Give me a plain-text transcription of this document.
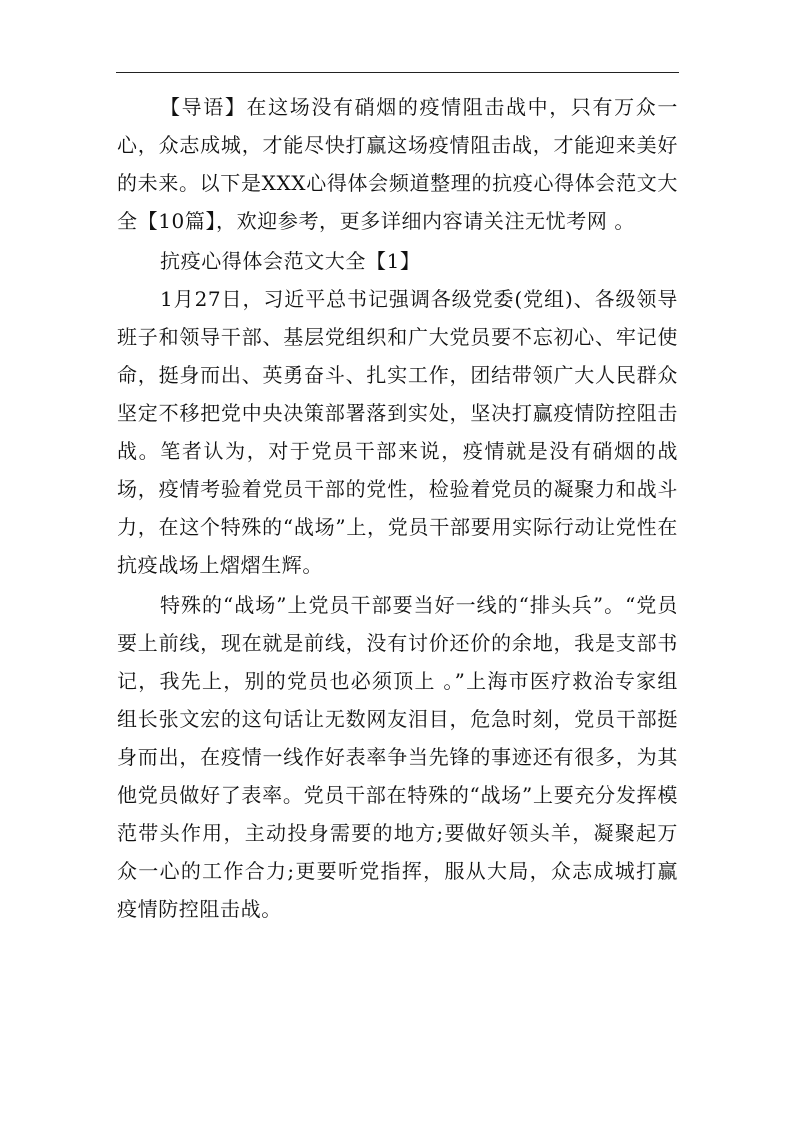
【导语】在这场没有硝烟的疫情阻击战中，只有万众一心，众志成城，才能尽快打赢这场疫情阻击战，才能迎来美好的未来。以下是XXX心得体会频道整理的抗疫心得体会范文大全【10篇】，欢迎参考，更多详细内容请关注无忧考网 。

抗疫心得体会范文大全【1】

1月27日，习近平总书记强调各级党委(党组)、各级领导班子和领导干部、基层党组织和广大党员要不忘初心、牢记使命，挺身而出、英勇奋斗、扎实工作，团结带领广大人民群众坚定不移把党中央决策部署落到实处，坚决打赢疫情防控阻击战。笔者认为，对于党员干部来说，疫情就是没有硝烟的战场，疫情考验着党员干部的党性，检验着党员的凝聚力和战斗力，在这个特殊的“战场”上，党员干部要用实际行动让党性在抗疫战场上熠熠生辉。

特殊的“战场”上党员干部要当好一线的“排头兵”。“党员要上前线，现在就是前线，没有讨价还价的余地，我是支部书记，我先上，别的党员也必须顶上 。”上海市医疗救治专家组组长张文宏的这句话让无数网友泪目，危急时刻，党员干部挺身而出，在疫情一线作好表率争当先锋的事迹还有很多，为其他党员做好了表率。党员干部在特殊的“战场”上要充分发挥模范带头作用，主动投身需要的地方;要做好领头羊，凝聚起万众一心的工作合力;更要听党指挥，服从大局，众志成城打赢疫情防控阻击战。
